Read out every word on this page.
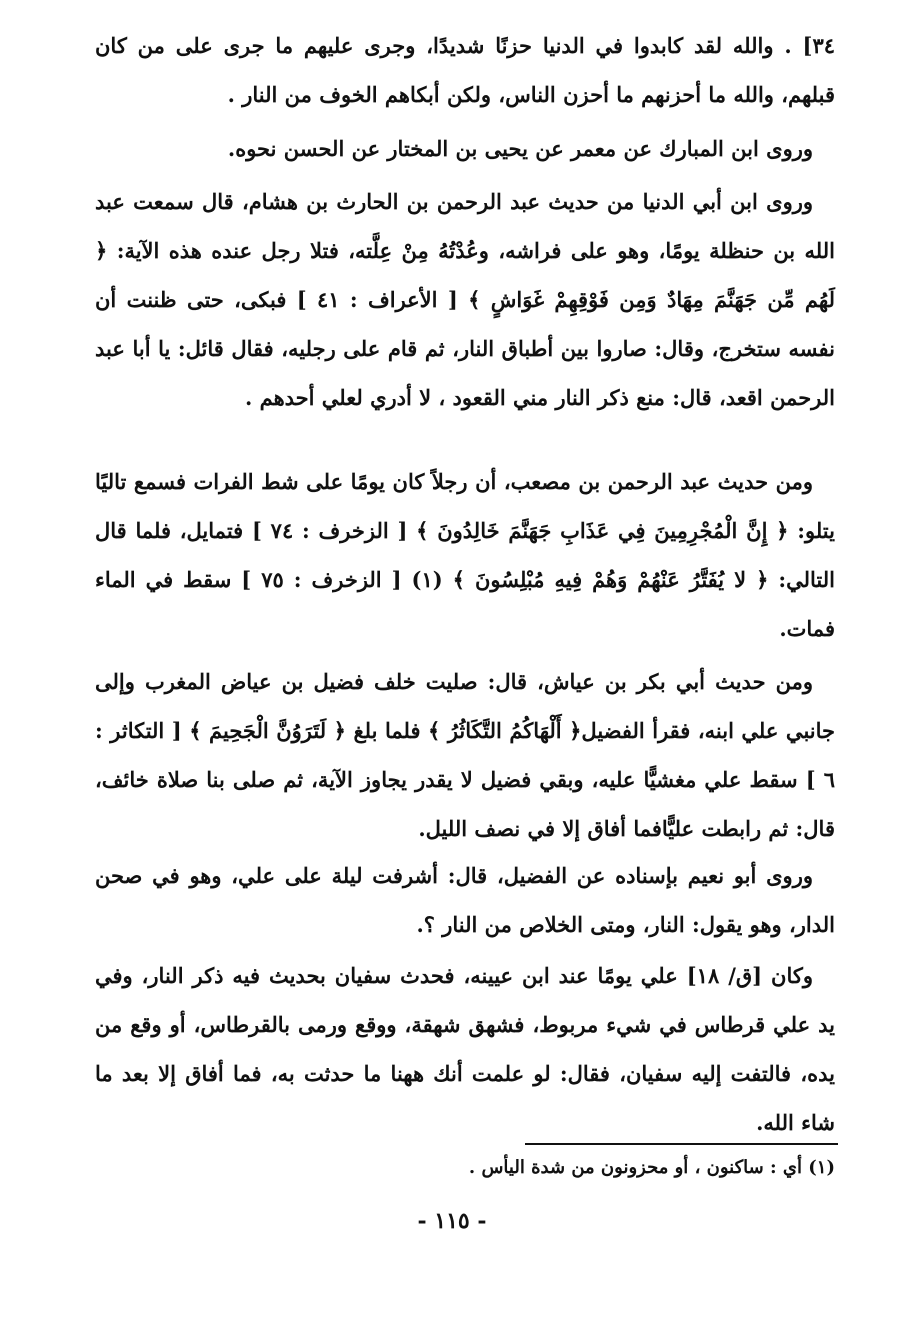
٣٤] . والله لقد كابدوا في الدنيا حزنًا شديدًا، وجرى عليهم ما جرى على من كان قبلهم، والله ما أحزنهم ما أحزن الناس، ولكن أبكاهم الخوف من النار .

وروى ابن المبارك عن معمر عن يحيى بن المختار عن الحسن نحوه.

وروى ابن أبي الدنيا من حديث عبد الرحمن بن الحارث بن هشام، قال سمعت عبد الله بن حنظلة يومًا، وهو على فراشه، وعُدْتُهُ مِنْ عِلَّته، فتلا رجل عنده هذه الآية: ﴿ لَهُم مِّن جَهَنَّمَ مِهَادٌ وَمِن فَوْقِهِمْ غَوَاشٍ ﴾ [ الأعراف : ٤١ ] فبكى، حتى ظننت أن نفسه ستخرج، وقال: صاروا بين أطباق النار، ثم قام على رجليه، فقال قائل: يا أبا عبد الرحمن اقعد، قال: منع ذكر النار مني القعود ، لا أدري لعلي أحدهم .

ومن حديث عبد الرحمن بن مصعب، أن رجلاً كان يومًا على شط الفرات فسمع تاليًا يتلو: ﴿ إِنَّ الْمُجْرِمِينَ فِي عَذَابِ جَهَنَّمَ خَالِدُونَ ﴾ [ الزخرف : ٧٤ ] فتمايل، فلما قال التالي: ﴿ لا يُفَتَّرُ عَنْهُمْ وَهُمْ فِيهِ مُبْلِسُونَ ﴾ (١) [ الزخرف : ٧٥ ] سقط في الماء فمات.

ومن حديث أبي بكر بن عياش، قال: صليت خلف فضيل بن عياض المغرب وإلى جانبي علي ابنه، فقرأ الفضيل﴿ أَلْهَاكُمُ التَّكَاثُرُ ﴾ فلما بلغ ﴿ لَتَرَوُنَّ الْجَحِيمَ ﴾ [ التكاثر : ٦ ] سقط علي مغشيًّا عليه، وبقي فضيل لا يقدر يجاوز الآية، ثم صلى بنا صلاة خائف، قال: ثم رابطت عليًّافما أفاق إلا في نصف الليل.

وروى أبو نعيم بإسناده عن الفضيل، قال: أشرفت ليلة على علي، وهو في صحن الدار، وهو يقول: النار، ومتى الخلاص من النار ؟.

وكان [ق/ ١٨] علي يومًا عند ابن عيينه، فحدث سفيان بحديث فيه ذكر النار، وفي يد علي قرطاس في شيء مربوط، فشهق شهقة، ووقع ورمى بالقرطاس، أو وقع من يده، فالتفت إليه سفيان، فقال: لو علمت أنك ههنا ما حدثت به، فما أفاق إلا بعد ما شاء الله.

(١) أي : ساكنون ، أو محزونون من شدة اليأس .
- ١١٥ -
